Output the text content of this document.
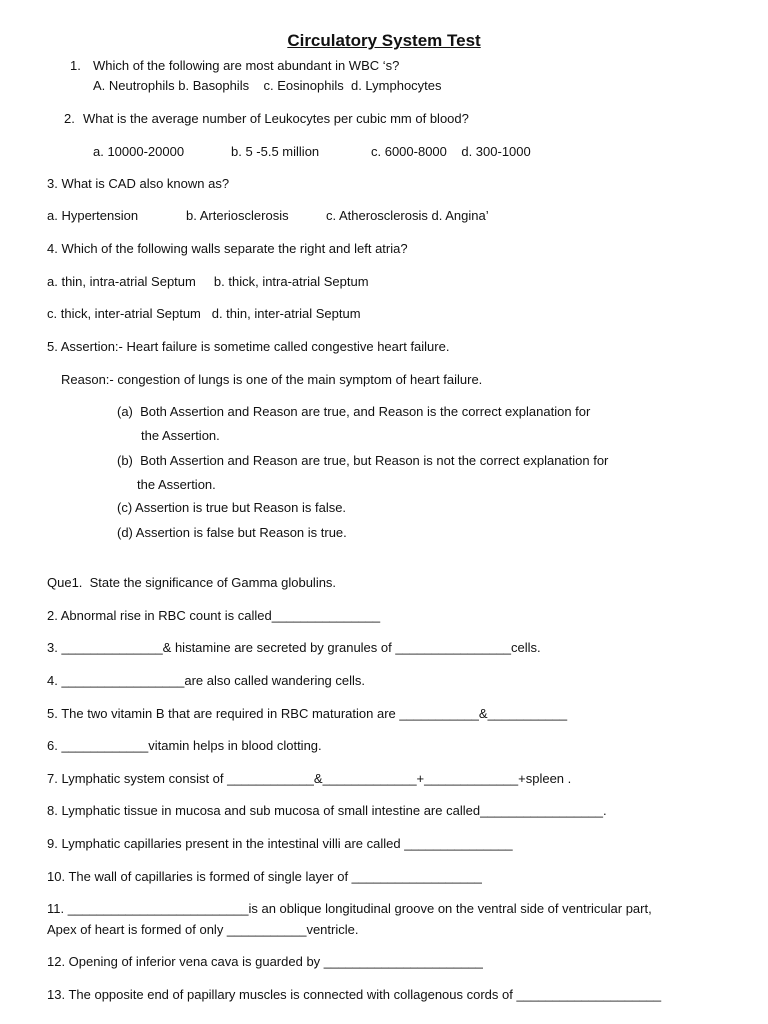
Circulatory System Test

1. Which of the following are most abundant in WBC ‘s?

A. Neutrophils b. Basophils    c. Eosinophils  d. Lymphocytes

2. What is the average number of Leukocytes per cubic mm of blood?

a. 10000-20000	b. 5 -5.5 million	c. 6000-8000    d. 300-1000

3. What is CAD also known as?

a. Hypertension	b. Arteriosclerosis	c. Atherosclerosis d. Angina’

4. Which of the following walls separate the right and left atria?

a. thin, intra-atrial Septum     b. thick, intra-atrial Septum

c. thick, inter-atrial Septum   d. thin, inter-atrial Septum

5. Assertion:- Heart failure is sometime called congestive heart failure.

Reason:- congestion of lungs is one of the main symptom of heart failure.

(a)  Both Assertion and Reason are true, and Reason is the correct explanation for

the Assertion.

(b)  Both Assertion and Reason are true, but Reason is not the correct explanation for

the Assertion.

(c) Assertion is true but Reason is false.

(d) Assertion is false but Reason is true.

Que1.  State the significance of Gamma globulins.

2. Abnormal rise in RBC count is called_______________

3. ______________& histamine are secreted by granules of ________________cells.

4. _________________are also called wandering cells.

5. The two vitamin B that are required in RBC maturation are ___________&___________

6. ____________vitamin helps in blood clotting.

7. Lymphatic system consist of ____________&_____________+_____________+spleen .

8. Lymphatic tissue in mucosa and sub mucosa of small intestine are called_________________.

9. Lymphatic capillaries present in the intestinal villi are called _______________

10. The wall of capillaries is formed of single layer of __________________

11. _________________________is an oblique longitudinal groove on the ventral side of ventricular part,

Apex of heart is formed of only ___________ventricle.

12. Opening of inferior vena cava is guarded by ______________________

13. The opposite end of papillary muscles is connected with collagenous cords of ____________________
